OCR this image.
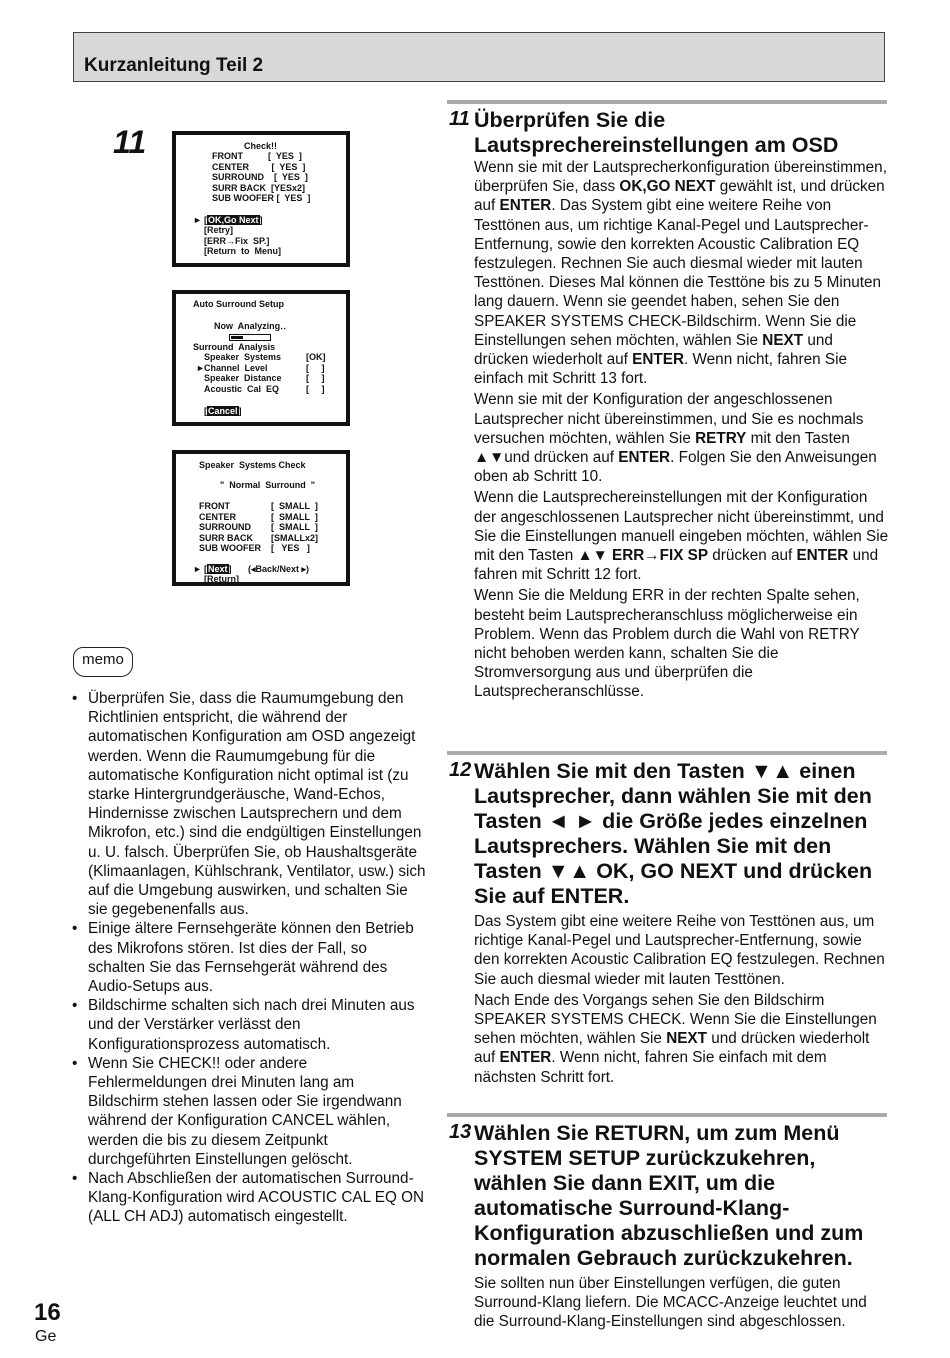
Kurzanleitung Teil 2
11	Check!!
FRONT          [  YES  ]
CENTER         [  YES  ]
SURROUND    [  YES  ]
SURR BACK  [YESx2]
SUB WOOFER [  YES  ]
► [OK,Go Next]
[Retry]
[ERR→Fix  SP.]
[Return  to  Menu]
Auto Surround Setup
Now  Analyzing‥
Surround  Analysis
Speaker  Systems	[OK]
► Channel  Level	[     ]
Speaker  Distance	[     ]
Acoustic  Cal  EQ	[     ]
[Cancel]
Speaker  Systems Check
"  Normal  Surround  "
FRONT	[  SMALL  ]
CENTER	[  SMALL  ]
SURROUND [  SMALL  ]
SURR BACK [SMALLx2]
SUB WOOFER [   YES   ]
► [Next] (◂Back/Next ▸)
[Return]
memo
• Überprüfen Sie, dass die Raumumgebung den Richtlinien entspricht, die während der automatischen Konfiguration am OSD angezeigt werden. Wenn die Raumumgebung für die automatische Konfiguration nicht optimal ist (zu starke Hintergrundgeräusche, Wand-Echos, Hindernisse zwischen Lautsprechern und dem Mikrofon, etc.) sind die endgültigen Einstellungen u. U. falsch. Überprüfen Sie, ob Haushaltsgeräte (Klimaanlagen, Kühlschrank, Ventilator, usw.) sich auf die Umgebung auswirken, und schalten Sie sie gegebenenfalls aus.
• Einige ältere Fernsehgeräte können den Betrieb des Mikrofons stören. Ist dies der Fall, so schalten Sie das Fernsehgerät während des Audio-Setups aus.
• Bildschirme schalten sich nach drei Minuten aus und der Verstärker verlässt den Konfigurationsprozess automatisch.
• Wenn Sie CHECK!! oder andere Fehlermeldungen drei Minuten lang am Bildschirm stehen lassen oder Sie irgendwann während der Konfiguration CANCEL wählen, werden die bis zu diesem Zeitpunkt durchgeführten Einstellungen gelöscht.
• Nach Abschließen der automatischen Surround-Klang-Konfiguration wird ACOUSTIC CAL EQ ON (ALL CH ADJ) automatisch eingestellt.
11 Überprüfen Sie die Lautsprechereinstellungen am OSD

Wenn sie mit der Lautsprecherkonfiguration übereinstimmen, überprüfen Sie, dass OK,GO NEXT gewählt ist, und drücken auf ENTER. Das System gibt eine weitere Reihe von Testtönen aus, um richtige Kanal-Pegel und Lautsprecher-Entfernung, sowie den korrekten Acoustic Calibration EQ festzulegen. Rechnen Sie auch diesmal wieder mit lauten Testtönen. Dieses Mal können die Testtöne bis zu 5 Minuten lang dauern. Wenn sie geendet haben, sehen Sie den SPEAKER SYSTEMS CHECK-Bildschirm. Wenn Sie die Einstellungen sehen möchten, wählen Sie NEXT und drücken wiederholt auf ENTER. Wenn nicht, fahren Sie einfach mit Schritt 13 fort.

Wenn sie mit der Konfiguration der angeschlossenen Lautsprecher nicht übereinstimmen, und Sie es nochmals versuchen möchten, wählen Sie RETRY mit den Tasten ▲▼und drücken auf ENTER. Folgen Sie den Anweisungen oben ab Schritt 10.

Wenn die Lautsprechereinstellungen mit der Konfiguration der angeschlossenen Lautsprecher nicht übereinstimmt, und Sie die Einstellungen manuell eingeben möchten, wählen Sie mit den Tasten ▲▼ ERR→FIX SP drücken auf ENTER und fahren mit Schritt 12 fort.

Wenn Sie die Meldung ERR in der rechten Spalte sehen, besteht beim Lautsprecheranschluss möglicherweise ein Problem. Wenn das Problem durch die Wahl von RETRY nicht behoben werden kann, schalten Sie die Stromversorgung aus und überprüfen die Lautsprecheranschlüsse.

12 Wählen Sie mit den Tasten ▼▲ einen Lautsprecher, dann wählen Sie mit den Tasten ◄ ► die Größe jedes einzelnen Lautsprechers. Wählen Sie mit den Tasten ▼▲ OK, GO NEXT und drücken Sie auf ENTER.

Das System gibt eine weitere Reihe von Testtönen aus, um richtige Kanal-Pegel und Lautsprecher-Entfernung, sowie den korrekten Acoustic Calibration EQ festzulegen. Rechnen Sie auch diesmal wieder mit lauten Testtönen.

Nach Ende des Vorgangs sehen Sie den Bildschirm SPEAKER SYSTEMS CHECK. Wenn Sie die Einstellungen sehen möchten, wählen Sie NEXT und drücken wiederholt auf ENTER. Wenn nicht, fahren Sie einfach mit dem nächsten Schritt fort.

13 Wählen Sie RETURN, um zum Menü SYSTEM SETUP zurückzukehren, wählen Sie dann EXIT, um die automatische Surround-Klang-Konfiguration abzuschließen und zum normalen Gebrauch zurückzukehren.

Sie sollten nun über Einstellungen verfügen, die guten Surround-Klang liefern. Die MCACC-Anzeige leuchtet und die Surround-Klang-Einstellungen sind abgeschlossen.

16
Ge
